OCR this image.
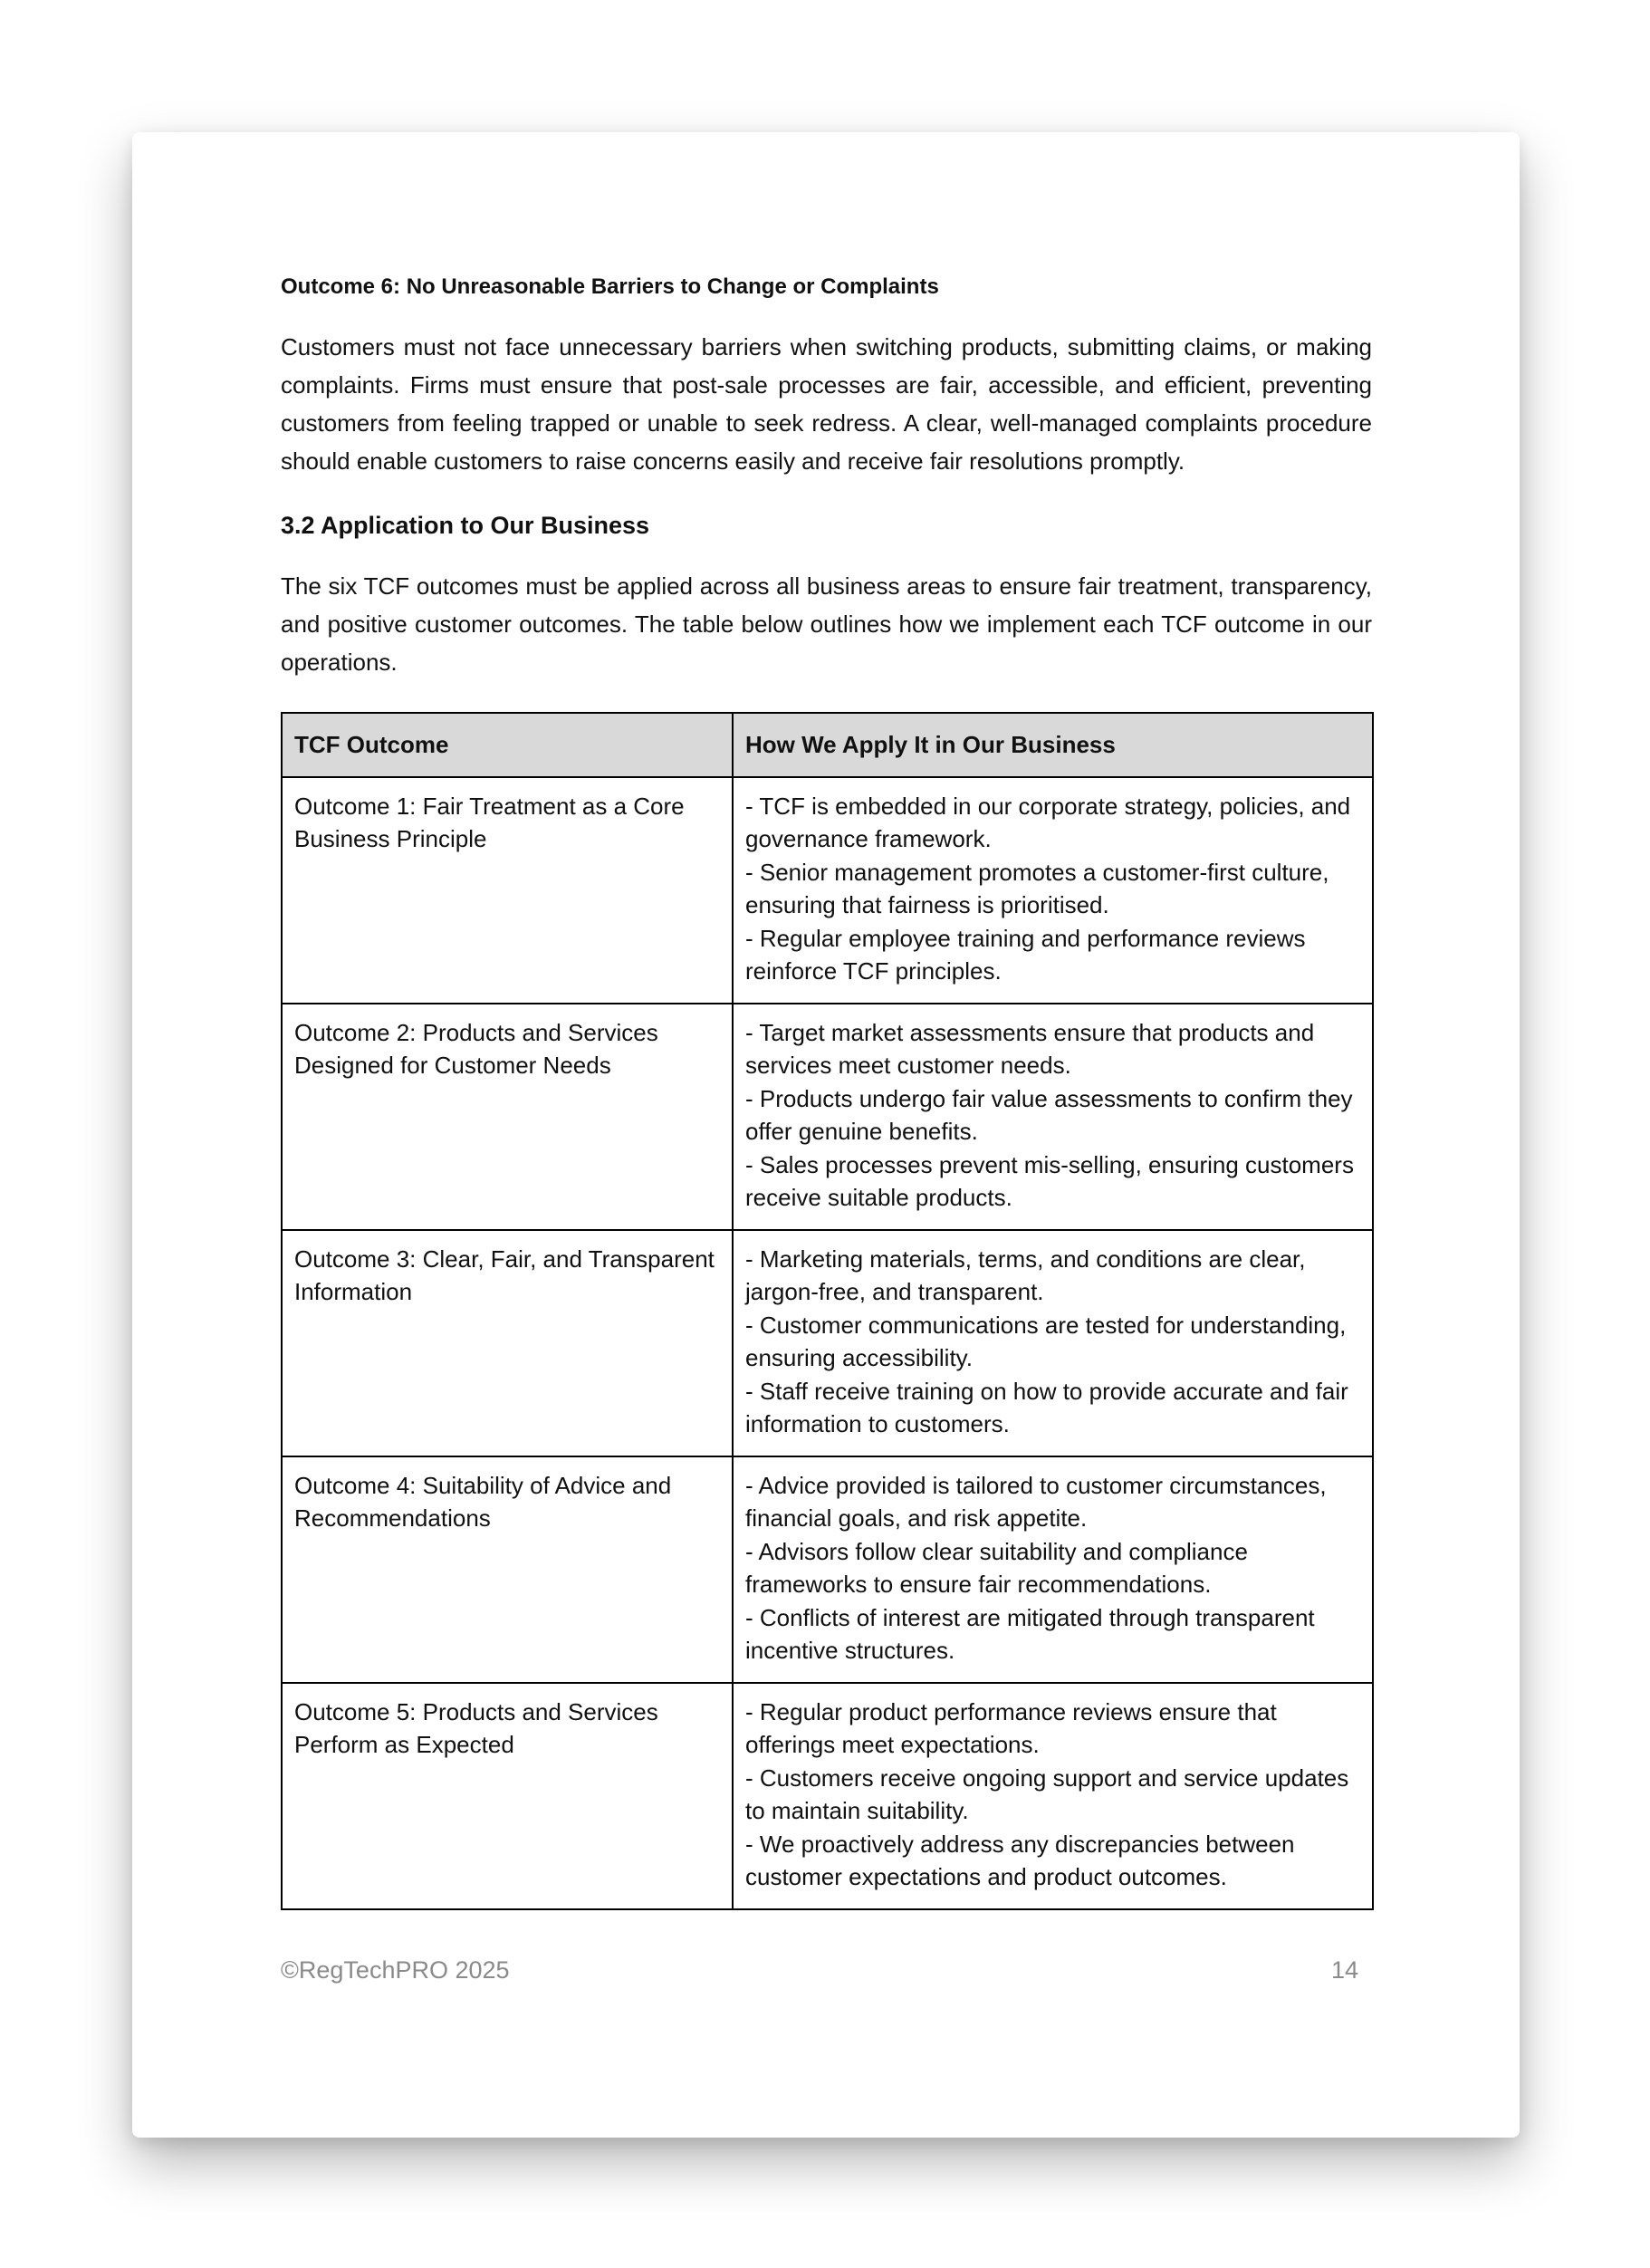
Outcome 6: No Unreasonable Barriers to Change or Complaints

Customers must not face unnecessary barriers when switching products, submitting claims, or making complaints. Firms must ensure that post-sale processes are fair, accessible, and efficient, preventing customers from feeling trapped or unable to seek redress. A clear, well-managed complaints procedure should enable customers to raise concerns easily and receive fair resolutions promptly.

3.2 Application to Our Business

The six TCF outcomes must be applied across all business areas to ensure fair treatment, transparency, and positive customer outcomes. The table below outlines how we implement each TCF outcome in our operations.

TCF Outcome	How We Apply It in Our Business
Outcome 1: Fair Treatment as a Core Business Principle	- TCF is embedded in our corporate strategy, policies, and governance framework.
- Senior management promotes a customer-first culture, ensuring that fairness is prioritised.
- Regular employee training and performance reviews reinforce TCF principles.

Outcome 2: Products and Services Designed for Customer Needs	- Target market assessments ensure that products and services meet customer needs.
- Products undergo fair value assessments to confirm they offer genuine benefits.
- Sales processes prevent mis-selling, ensuring customers receive suitable products.

Outcome 3: Clear, Fair, and Transparent Information	- Marketing materials, terms, and conditions are clear, jargon-free, and transparent.
- Customer communications are tested for understanding, ensuring accessibility.
- Staff receive training on how to provide accurate and fair information to customers.

Outcome 4: Suitability of Advice and Recommendations	- Advice provided is tailored to customer circumstances, financial goals, and risk appetite.
- Advisors follow clear suitability and compliance frameworks to ensure fair recommendations.
- Conflicts of interest are mitigated through transparent incentive structures.

Outcome 5: Products and Services Perform as Expected	- Regular product performance reviews ensure that offerings meet expectations.
- Customers receive ongoing support and service updates to maintain suitability.
- We proactively address any discrepancies between customer expectations and product outcomes.
©RegTechPRO 2025	14
